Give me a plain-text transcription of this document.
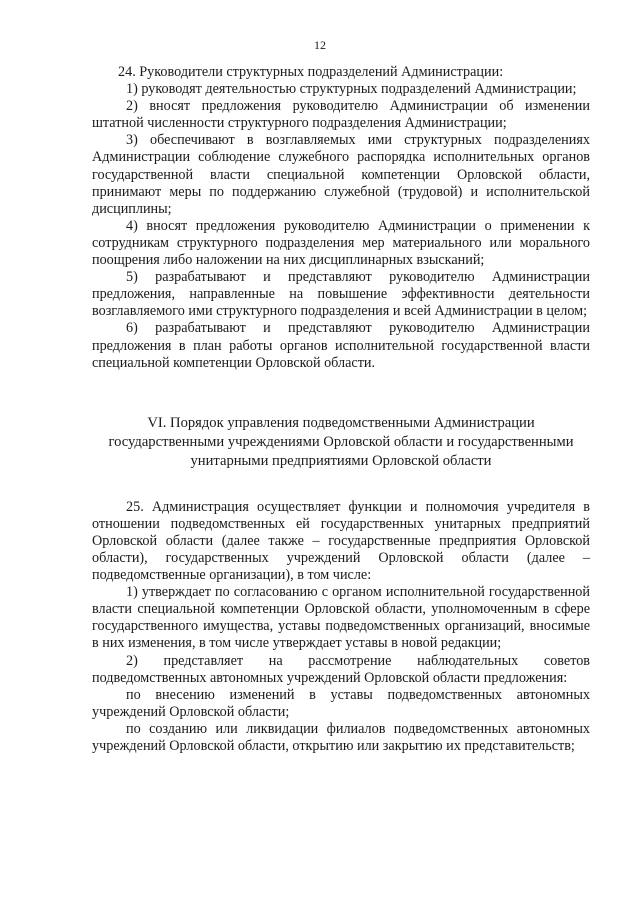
12

24. Руководители структурных подразделений Администрации:

1) руководят деятельностью структурных подразделений Администрации;

2) вносят предложения руководителю Администрации об изменении штатной численности структурного подразделения Администрации;

3) обеспечивают в возглавляемых ими структурных подразделениях Администрации соблюдение служебного распорядка исполнительных органов государственной власти специальной компетенции Орловской области, принимают меры по поддержанию служебной (трудовой) и исполнительской дисциплины;

4) вносят предложения руководителю Администрации о применении к сотрудникам структурного подразделения мер материального или морального поощрения либо наложении на них дисциплинарных взысканий;

5) разрабатывают и представляют руководителю Администрации предложения, направленные на повышение эффективности деятельности возглавляемого ими структурного подразделения и всей Администрации в целом;

6) разрабатывают и представляют руководителю Администрации предложения в план работы органов исполнительной государственной власти специальной компетенции Орловской области.

VI. Порядок управления подведомственными Администрации государственными учреждениями Орловской области и государственными унитарными предприятиями Орловской области

25. Администрация осуществляет функции и полномочия учредителя в отношении подведомственных ей государственных унитарных предприятий Орловской области (далее также – государственные предприятия Орловской области), государственных учреждений Орловской области (далее – подведомственные организации), в том числе:

1) утверждает по согласованию с органом исполнительной государственной власти специальной компетенции Орловской области, уполномоченным в сфере государственного имущества, уставы подведомственных организаций, вносимые в них изменения, в том числе утверждает уставы в новой редакции;

2) представляет на рассмотрение наблюдательных советов подведомственных автономных учреждений Орловской области предложения:

по внесению изменений в уставы подведомственных автономных учреждений Орловской области;

по созданию или ликвидации филиалов подведомственных автономных учреждений Орловской области, открытию или закрытию их представительств;
